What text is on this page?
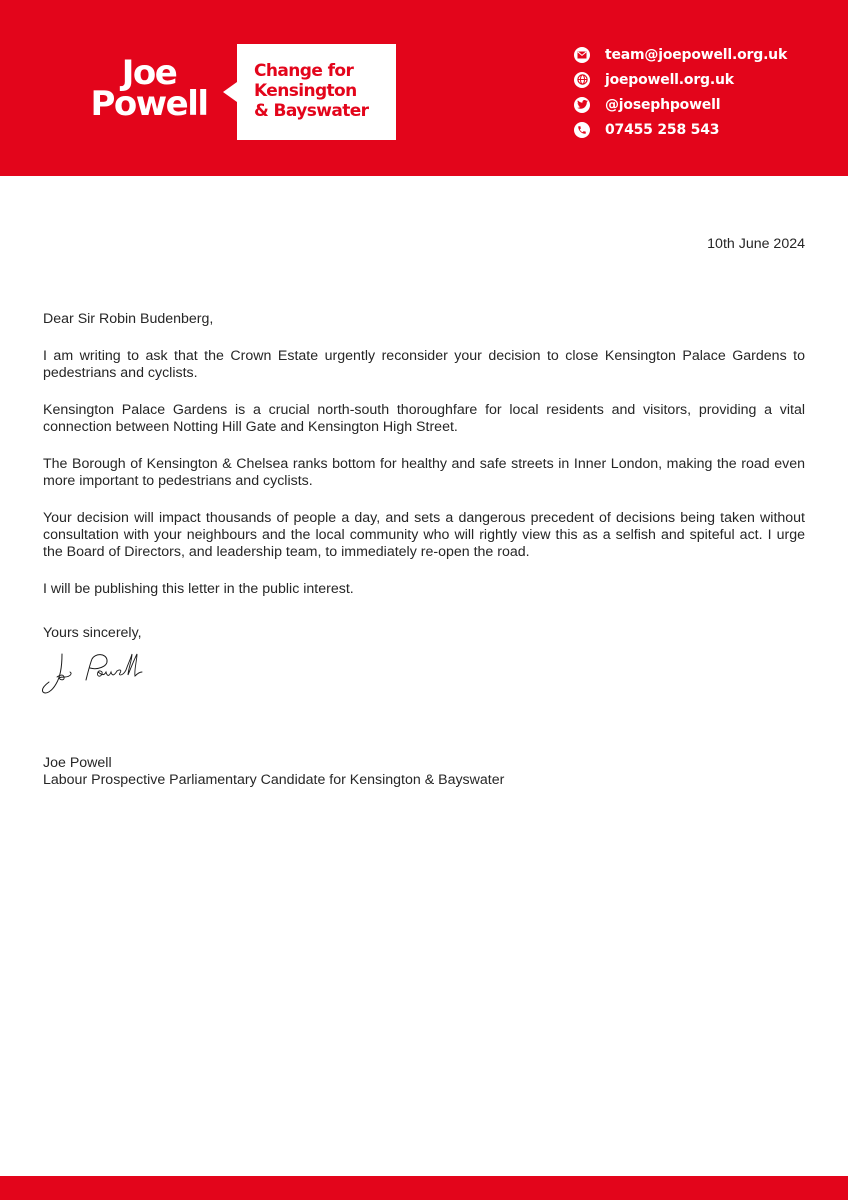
Joe
Powell
Change for
Kensington
& Bayswater
team@joepowell.org.uk
joepowell.org.uk
@josephpowell
07455 258 543
10th June 2024
Dear Sir Robin Budenberg,

I am writing to ask that the Crown Estate urgently reconsider your decision to close Kensington Palace Gardens to pedestrians and cyclists.

Kensington Palace Gardens is a crucial north-south thoroughfare for local residents and visitors, providing a vital connection between Notting Hill Gate and Kensington High Street.

The Borough of Kensington & Chelsea ranks bottom for healthy and safe streets in Inner London, making the road even more important to pedestrians and cyclists.

Your decision will impact thousands of people a day, and sets a dangerous precedent of decisions being taken without consultation with your neighbours and the local community who will rightly view this as a selfish and spiteful act. I urge the Board of Directors, and leadership team, to immediately re-open the road.

I will be publishing this letter in the public interest.

Yours sincerely,
Joe Powell
Labour Prospective Parliamentary Candidate for Kensington & Bayswater
